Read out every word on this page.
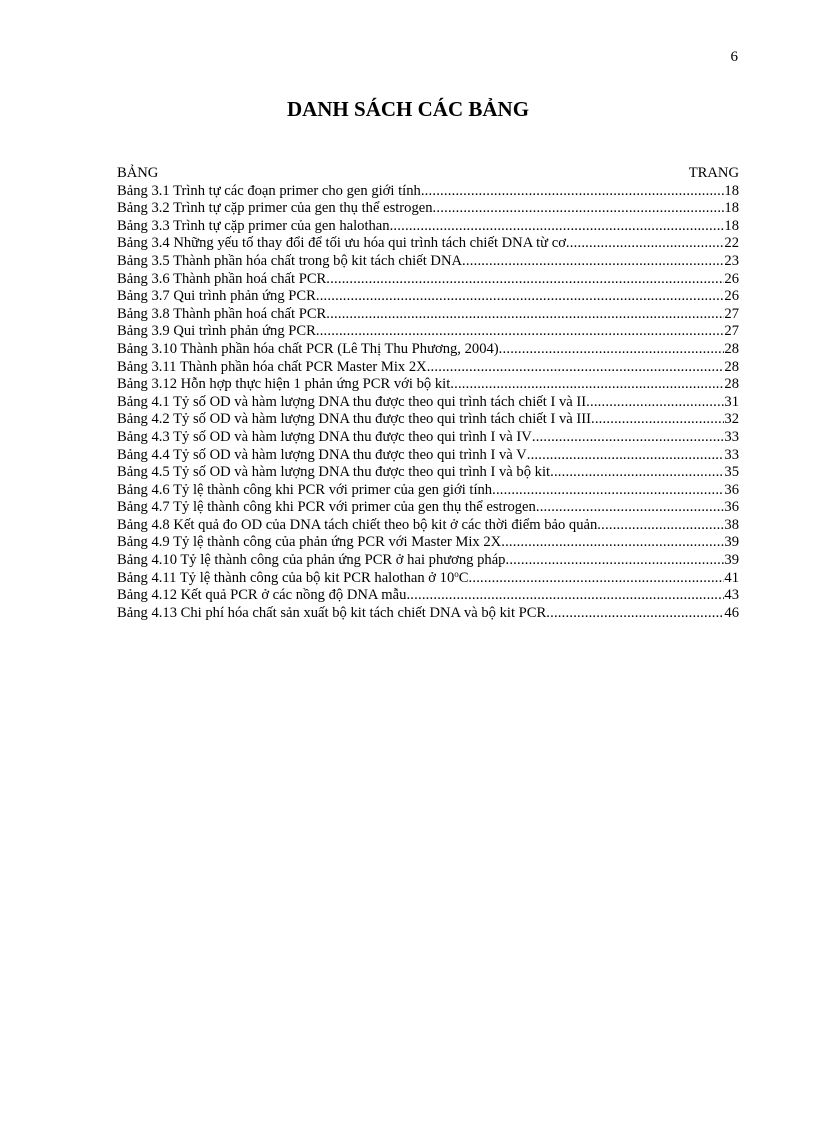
6
DANH SÁCH CÁC BẢNG
BẢNG	TRANG
Bảng 3.1 Trình tự các đoạn primer cho gen giới tính .....	18
Bảng 3.2 Trình tự cặp primer của gen thụ thể estrogen .....	18
Bảng 3.3 Trình tự cặp primer của gen halothan .....	18
Bảng 3.4 Những yếu tố thay đổi để tối ưu hóa qui trình tách chiết DNA từ cơ .....	22
Bảng 3.5 Thành phần hóa chất trong bộ kit tách chiết DNA .....	23
Bảng 3.6 Thành phần hoá chất PCR .....	26
Bảng 3.7 Qui trình phản ứng PCR .....	26
Bảng 3.8 Thành phần hoá chất PCR .....	27
Bảng 3.9 Qui trình phản ứng PCR .....	27
Bảng 3.10 Thành phần hóa chất PCR (Lê Thị Thu Phương, 2004) .....	28
Bảng 3.11 Thành phần hóa chất PCR Master Mix 2X .....	28
Bảng 3.12 Hỗn hợp thực hiện 1 phản ứng PCR với bộ kit .....	28
Bảng 4.1 Tỷ số OD và hàm lượng DNA thu được theo qui trình tách chiết I và II .....	31
Bảng 4.2 Tỷ số OD và hàm lượng DNA thu được theo qui trình tách chiết I và III .....	32
Bảng 4.3 Tỷ số OD và hàm lượng DNA thu được theo qui trình I và IV .....	33
Bảng 4.4 Tỷ số OD và hàm lượng DNA thu được theo qui trình I và V .....	33
Bảng 4.5 Tỷ số OD và hàm lượng DNA thu được theo qui trình I và bộ kit .....	35
Bảng 4.6 Tỷ lệ thành công khi PCR với primer của gen giới tính .....	36
Bảng 4.7 Tỷ lệ thành công khi PCR với primer của gen thụ thể estrogen .....	36
Bảng 4.8 Kết quả đo OD của DNA tách chiết theo bộ kit ở các thời điểm bảo quản .....	38
Bảng 4.9 Tỷ lệ thành công của phản ứng PCR với Master Mix 2X .....	39
Bảng 4.10 Tỷ lệ thành công của phản ứng PCR ở hai phương pháp .....	39
Bảng 4.11 Tỷ lệ thành công của bộ kit PCR halothan ở 10$^o$C .....	41
Bảng 4.12 Kết quả PCR ở các nồng độ DNA mẫu .....	43
Bảng 4.13 Chi phí hóa chất sản xuất bộ kit tách chiết DNA và bộ kit PCR .....	46
